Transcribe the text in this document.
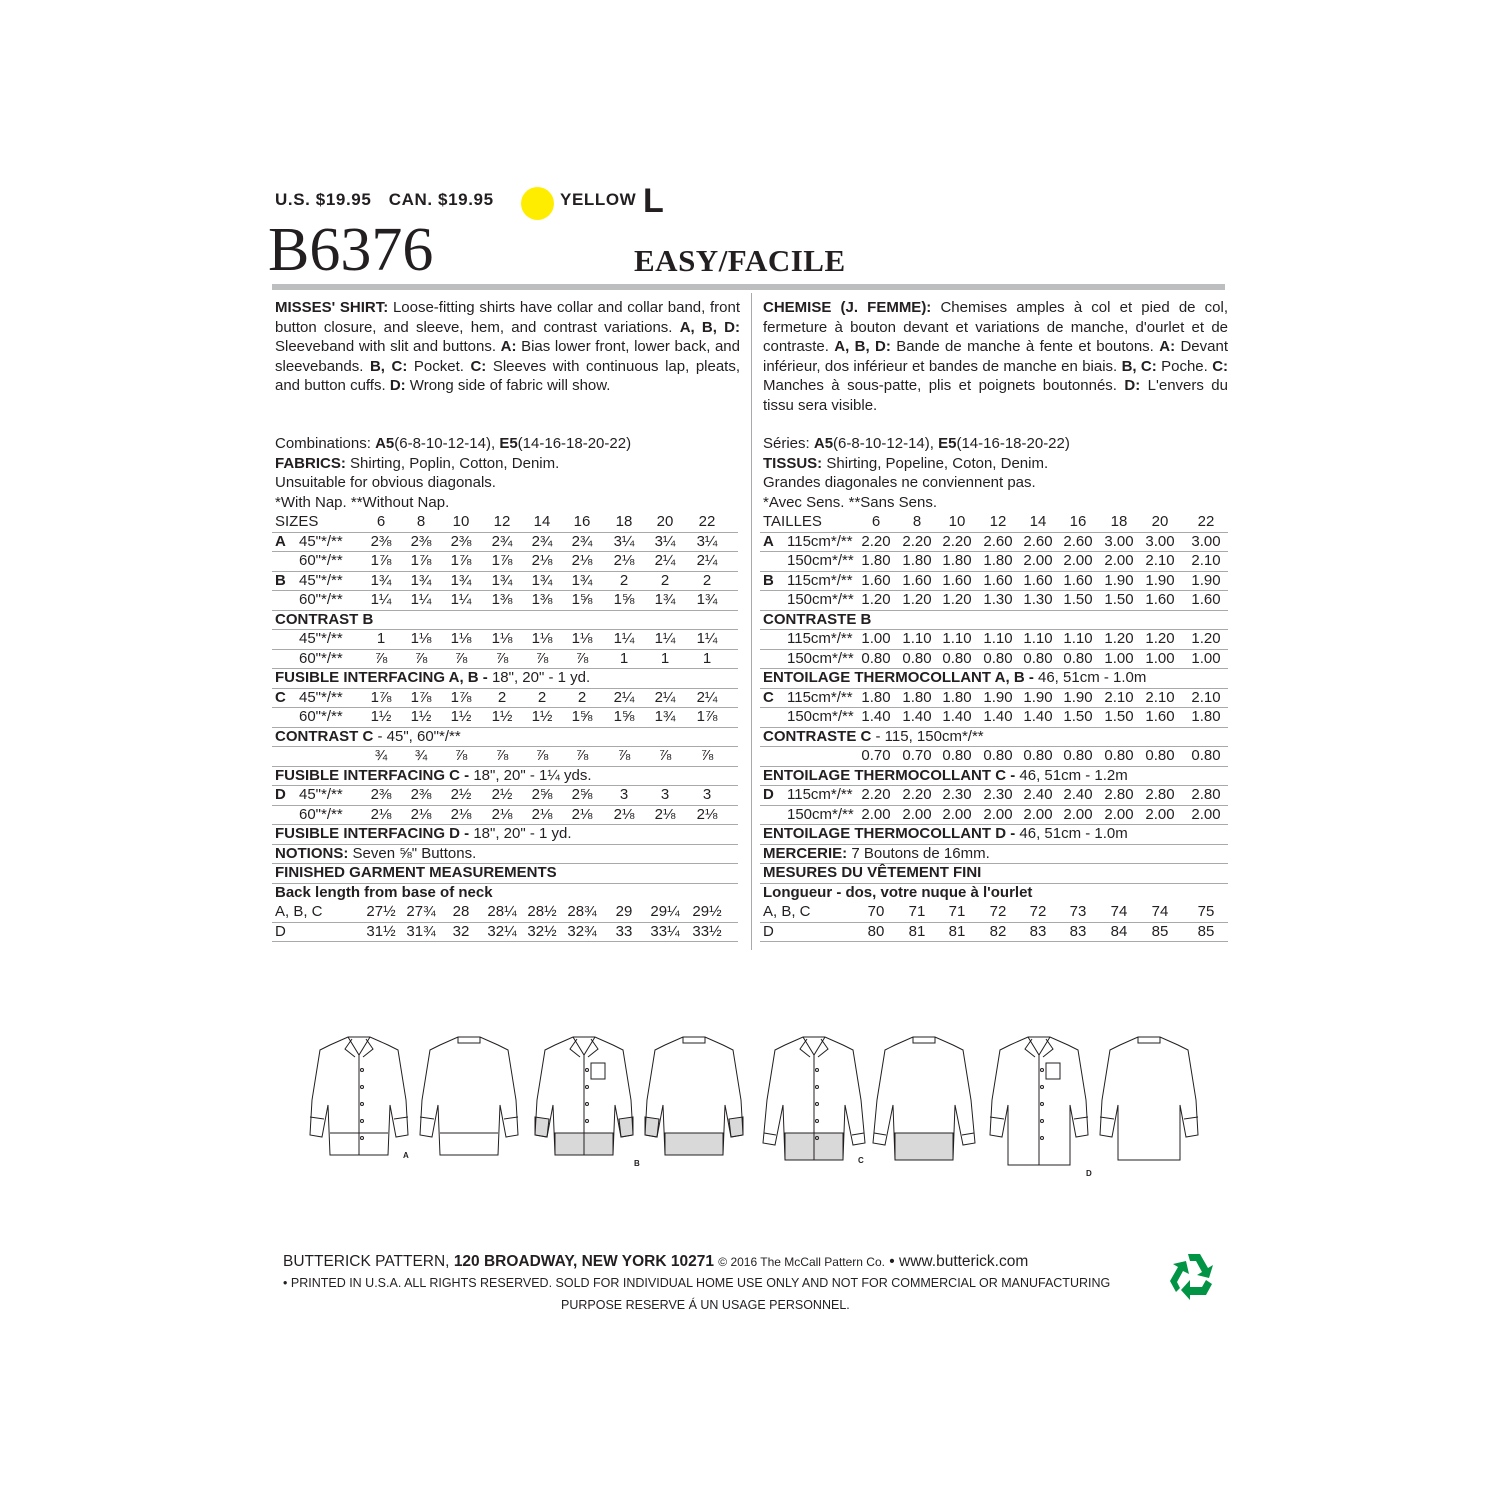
U.S. $19.95 CAN. $19.95	YELLOW L
B6376	EASY/FACILE
MISSES' SHIRT: Loose-fitting shirts have collar and collar band, front button closure, and sleeve, hem, and contrast variations. A, B, D: Sleeveband with slit and buttons. A: Bias lower front, lower back, and sleevebands. B, C: Pocket. C: Sleeves with continuous lap, pleats, and button cuffs. D: Wrong side of fabric will show.
CHEMISE (J. FEMME): Chemises amples à col et pied de col, fermeture à bouton devant et variations de manche, d'ourlet et de contraste. A, B, D: Bande de manche à fente et boutons. A: Devant inférieur, dos inférieur et bandes de manche en biais. B, C: Poche. C: Manches à sous-patte, plis et poignets boutonnés. D: L'envers du tissu sera visible.
Combinations: A5(6-8-10-12-14), E5(14-16-18-20-22)
FABRICS: Shirting, Poplin, Cotton, Denim.
Unsuitable for obvious diagonals.
*With Nap. **Without Nap.
SIZES	6	8	10	12	14	16	18	20	22
A 45"*/**	2⅜	2⅜	2⅜	2¾	2¾	2¾	3¼	3¼	3¼
60"*/**	1⅞	1⅞	1⅞	1⅞	2⅛	2⅛	2⅛	2¼	2¼
B 45"*/**	1¾	1¾	1¾	1¾	1¾	1¾	2	2	2
60"*/**	1¼	1¼	1¼	1⅜	1⅜	1⅝	1⅝	1¾	1¾
CONTRAST B
45"*/**	1	1⅛	1⅛	1⅛	1⅛	1⅛	1¼	1¼	1¼
60"*/**	⅞	⅞	⅞	⅞	⅞	⅞	1	1	1
FUSIBLE INTERFACING A, B - 18", 20" - 1 yd.
C 45"*/**	1⅞	1⅞	1⅞	2	2	2	2¼	2¼	2¼
60"*/**	1½	1½	1½	1½	1½	1⅝	1⅝	1¾	1⅞
CONTRAST C - 45", 60"*/**
¾	¾	⅞	⅞	⅞	⅞	⅞	⅞	⅞
FUSIBLE INTERFACING C - 18", 20" - 1¼ yds.
D 45"*/**	2⅜	2⅜	2½	2½	2⅝	2⅝	3	3	3
60"*/**	2⅛	2⅛	2⅛	2⅛	2⅛	2⅛	2⅛	2⅛	2⅛
FUSIBLE INTERFACING D - 18", 20" - 1 yd.
NOTIONS: Seven ⅝" Buttons.
FINISHED GARMENT MEASUREMENTS
Back length from base of neck
A, B, C	27½ 27¾	28	28¼ 28½ 28¾	29	29¼ 29½
D	31½ 31¾	32	32¼ 32½ 32¾	33	33¼ 33½
Séries: A5(6-8-10-12-14), E5(14-16-18-20-22)
TISSUS: Shirting, Popeline, Coton, Denim.
Grandes diagonales ne conviennent pas.
*Avec Sens. **Sans Sens.
TAILLES	6	8	10	12	14	16	18	20	22
A 115cm*/** 2.20 2.20 2.20 2.60 2.60 2.60 3.00 3.00	3.00
150cm*/** 1.80 1.80 1.80 1.80 2.00 2.00 2.00 2.10	2.10
B 115cm*/** 1.60 1.60 1.60 1.60 1.60 1.60 1.90 1.90	1.90
150cm*/** 1.20 1.20 1.20 1.30 1.30 1.50 1.50 1.60	1.60
CONTRASTE B
115cm*/** 1.00 1.10 1.10 1.10 1.10 1.10 1.20 1.20	1.20
150cm*/** 0.80 0.80 0.80 0.80 0.80 0.80 1.00 1.00	1.00
ENTOILAGE THERMOCOLLANT A, B - 46, 51cm - 1.0m
C 115cm*/** 1.80 1.80 1.80 1.90 1.90 1.90 2.10 2.10	2.10
150cm*/** 1.40 1.40 1.40 1.40 1.40 1.50 1.50 1.60	1.80
CONTRASTE C - 115, 150cm*/**
0.70 0.70 0.80 0.80 0.80 0.80 0.80 0.80	0.80
ENTOILAGE THERMOCOLLANT C - 46, 51cm - 1.2m
D 115cm*/** 2.20 2.20 2.30 2.30 2.40 2.40 2.80 2.80	2.80
150cm*/** 2.00 2.00 2.00 2.00 2.00 2.00 2.00 2.00	2.00
ENTOILAGE THERMOCOLLANT D - 46, 51cm - 1.0m
MERCERIE: 7 Boutons de 16mm.
MESURES DU VÊTEMENT FINI
Longueur - dos, votre nuque à l'ourlet
A, B, C	70	71	71	72	72	73	74	74	75
D	80	81	81	82	83	83	84	85	85
A
B	C
D
BUTTERICK PATTERN, 120 BROADWAY, NEW YORK 10271 © 2016 The McCall Pattern Co. • www.butterick.com
• PRINTED IN U.S.A. ALL RIGHTS RESERVED. SOLD FOR INDIVIDUAL HOME USE ONLY AND NOT FOR COMMERCIAL OR MANUFACTURING
PURPOSE RESERVE Á UN USAGE PERSONNEL.
